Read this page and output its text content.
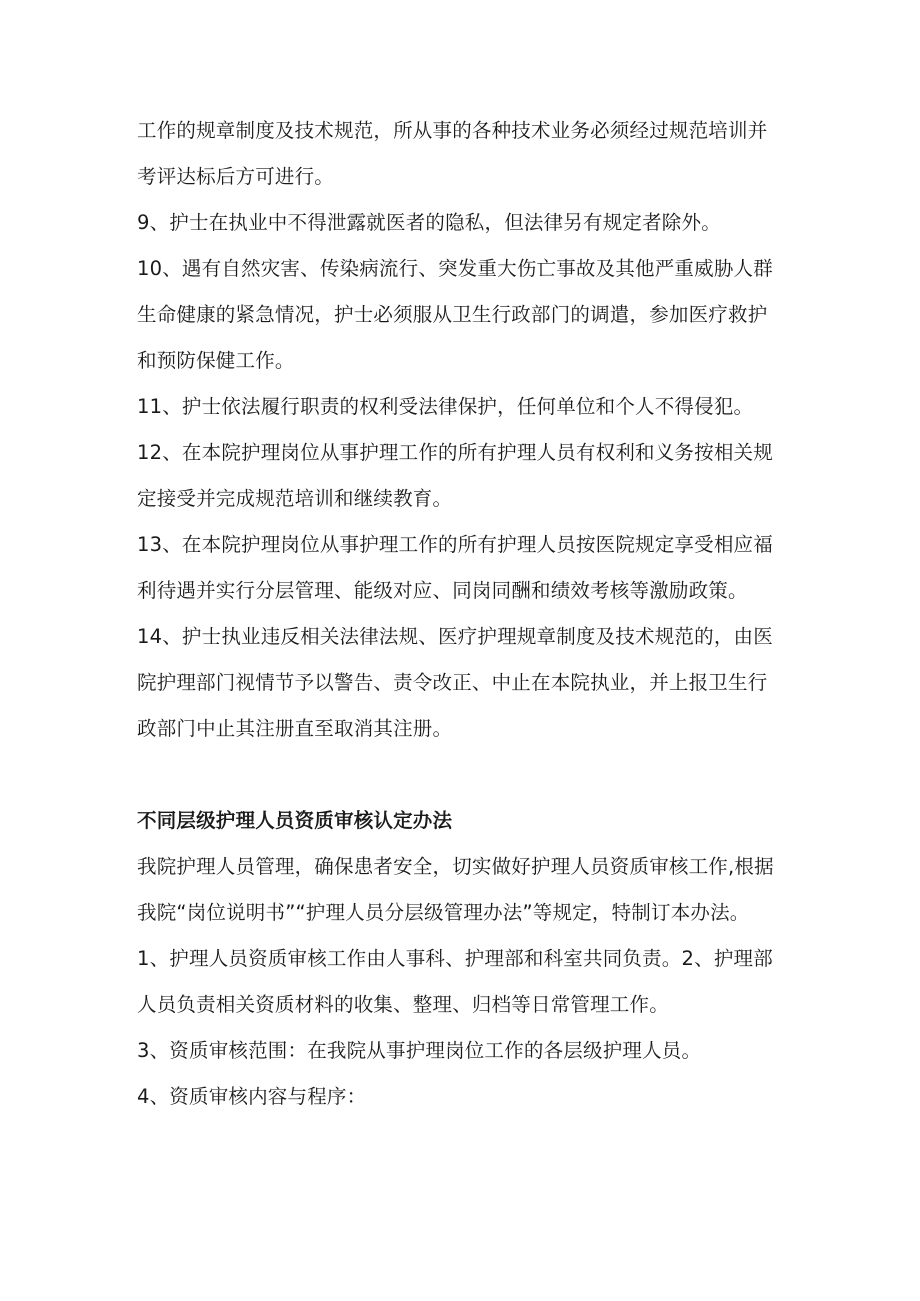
工作的规章制度及技术规范，所从事的各种技术业务必须经过规范培训并

考评达标后方可进行。

9、护士在执业中不得泄露就医者的隐私，但法律另有规定者除外。

10、遇有自然灾害、传染病流行、突发重大伤亡事故及其他严重威胁人群

生命健康的紧急情况，护士必须服从卫生行政部门的调遣，参加医疗救护

和预防保健工作。

11、护士依法履行职责的权利受法律保护，任何单位和个人不得侵犯。

12、在本院护理岗位从事护理工作的所有护理人员有权利和义务按相关规

定接受并完成规范培训和继续教育。

13、在本院护理岗位从事护理工作的所有护理人员按医院规定享受相应福

利待遇并实行分层管理、能级对应、同岗同酬和绩效考核等激励政策。

14、护士执业违反相关法律法规、医疗护理规章制度及技术规范的，由医

院护理部门视情节予以警告、责令改正、中止在本院执业，并上报卫生行

政部门中止其注册直至取消其注册。

不同层级护理人员资质审核认定办法

我院护理人员管理，确保患者安全，切实做好护理人员资质审核工作,根据

我院“岗位说明书”“护理人员分层级管理办法”等规定，特制订本办法。

1、护理人员资质审核工作由人事科、护理部和科室共同负责。2、护理部

人员负责相关资质材料的收集、整理、归档等日常管理工作。

3、资质审核范围：在我院从事护理岗位工作的各层级护理人员。

4、资质审核内容与程序：
